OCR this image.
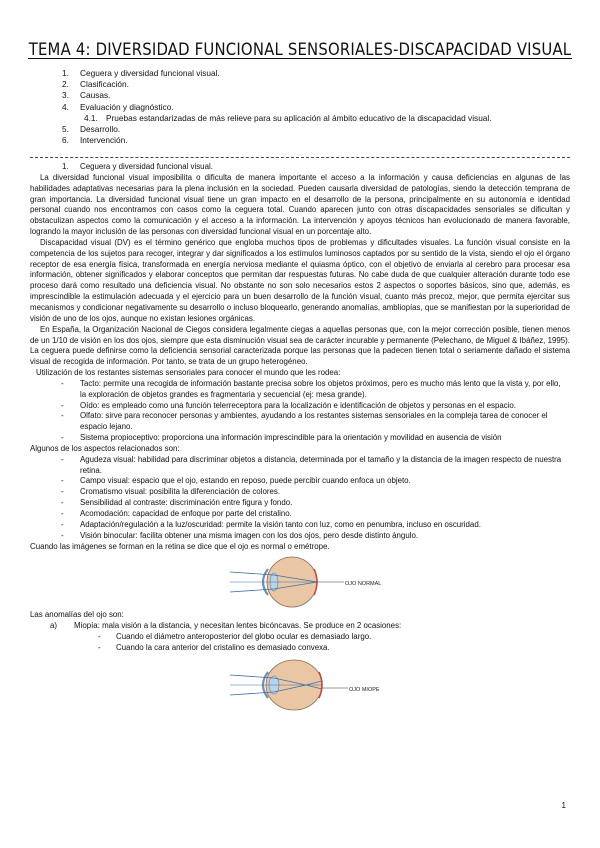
TEMA 4: DIVERSIDAD FUNCIONAL SENSORIALES-DISCAPACIDAD VISUAL
1. Ceguera y diversidad funcional visual.
2. Clasificación.
3. Causas.
4. Evaluación y diagnóstico.
4.1. Pruebas estandarizadas de más relieve para su aplicación al ámbito educativo de la discapacidad visual.
5. Desarrollo.
6. Intervención.

1. Ceguera y diversidad funcional visual.

La diversidad funcional visual imposibilita o dificulta de manera importante el acceso a la información y causa deficiencias en algunas de las habilidades adaptativas necesarias para la plena inclusión en la sociedad. Pueden causarla diversidad de patologías, siendo la detección temprana de gran importancia. La diversidad funcional visual tiene un gran impacto en el desarrollo de la persona, principalmente en su autonomía e identidad personal cuando nos encontramos con casos como la ceguera total. Cuando aparecen junto con otras discapacidades sensoriales se dificultan y obstaculizan aspectos como la comunicación y el acceso a la información. La intervención y apoyos técnicos han evolucionado de manera favorable, logrando la mayor inclusión de las personas con diversidad funcional visual en un porcentaje alto.

Discapacidad visual (DV) es el término genérico que engloba muchos tipos de problemas y dificultades visuales. La función visual consiste en la competencia de los sujetos para recoger, integrar y dar significados a los estímulos luminosos captados por su sentido de la vista, siendo el ojo el órgano receptor de esa energía física, transformada en energía nerviosa mediante el quiasma óptico, con el objetivo de enviarla al cerebro para procesar esa información, obtener significados y elaborar conceptos que permitan dar respuestas futuras. No cabe duda de que cualquier alteración durante todo ese proceso dará como resultado una deficiencia visual. No obstante no son solo necesarios estos 2 aspectos o soportes básicos, sino que, además, es imprescindible la estimulación adecuada y el ejercicio para un buen desarrollo de la función visual, cuanto más precoz, mejor, que permita ejercitar sus mecanismos y condicionar negativamente su desarrollo o incluso bloquearlo, generando anomalías, ambliopías, que se manifiestan por la superioridad de visión de uno de los ojos, aunque no existan lesiones orgánicas.

En España, la Organización Nacional de Ciegos considera legalmente ciegas a aquellas personas que, con la mejor corrección posible, tienen menos de un 1/10 de visión en los dos ojos, siempre que esta disminución visual sea de carácter incurable y permanente (Pelechano, de Miguel & Ibáñez, 1995). La ceguera puede definirse como la deficiencia sensorial caracterizada porque las personas que la padecen tienen total o seriamente dañado el sistema visual de recogida de información. Por tanto, se trata de un grupo heterogéneo.

Utilización de los restantes sistemas sensoriales para conocer el mundo que les rodea:

- Tacto: permite una recogida de información bastante precisa sobre los objetos próximos, pero es mucho más lento que la vista y, por ello, la exploración de objetos grandes es fragmentaria y secuencial (ej: mesa grande).
- Oído: es empleado como una función telerreceptora para la localización e identificación de objetos y personas en el espacio.
- Olfato: sirve para reconocer personas y ambientes, ayudando a los restantes sistemas sensoriales en la compleja tarea de conocer el espacio lejano.
- Sistema propioceptivo: proporciona una información imprescindible para la orientación y movilidad en ausencia de visión

Algunos de los aspectos relacionados son:

- Agudeza visual: habilidad para discriminar objetos a distancia, determinada por el tamaño y la distancia de la imagen respecto de nuestra retina.
- Campo visual: espacio que el ojo, estando en reposo, puede percibir cuando enfoca un objeto.
- Cromatismo visual: posibilita la diferenciación de colores.
- Sensibilidad al contraste: discriminación entre figura y fondo.
- Acomodación: capacidad de enfoque por parte del cristalino.
- Adaptación/regulación a la luz/oscuridad: permite la visión tanto con luz, como en penumbra, incluso en oscuridad.
- Visión binocular: facilita obtener una misma imagen con los dos ojos, pero desde distinto ángulo.

Cuando las imágenes se forman en la retina se dice que el ojo es normal o emétrope.

OJO NORMAL

Las anomalías del ojo son:

a) Miopía: mala visión a la distancia, y necesitan lentes bicóncavas. Se produce en 2 ocasiones:
- Cuando el diámetro anteroposterior del globo ocular es demasiado largo.
- Cuando la cara anterior del cristalino es demasiado convexa.
OJO MIOPE
1
